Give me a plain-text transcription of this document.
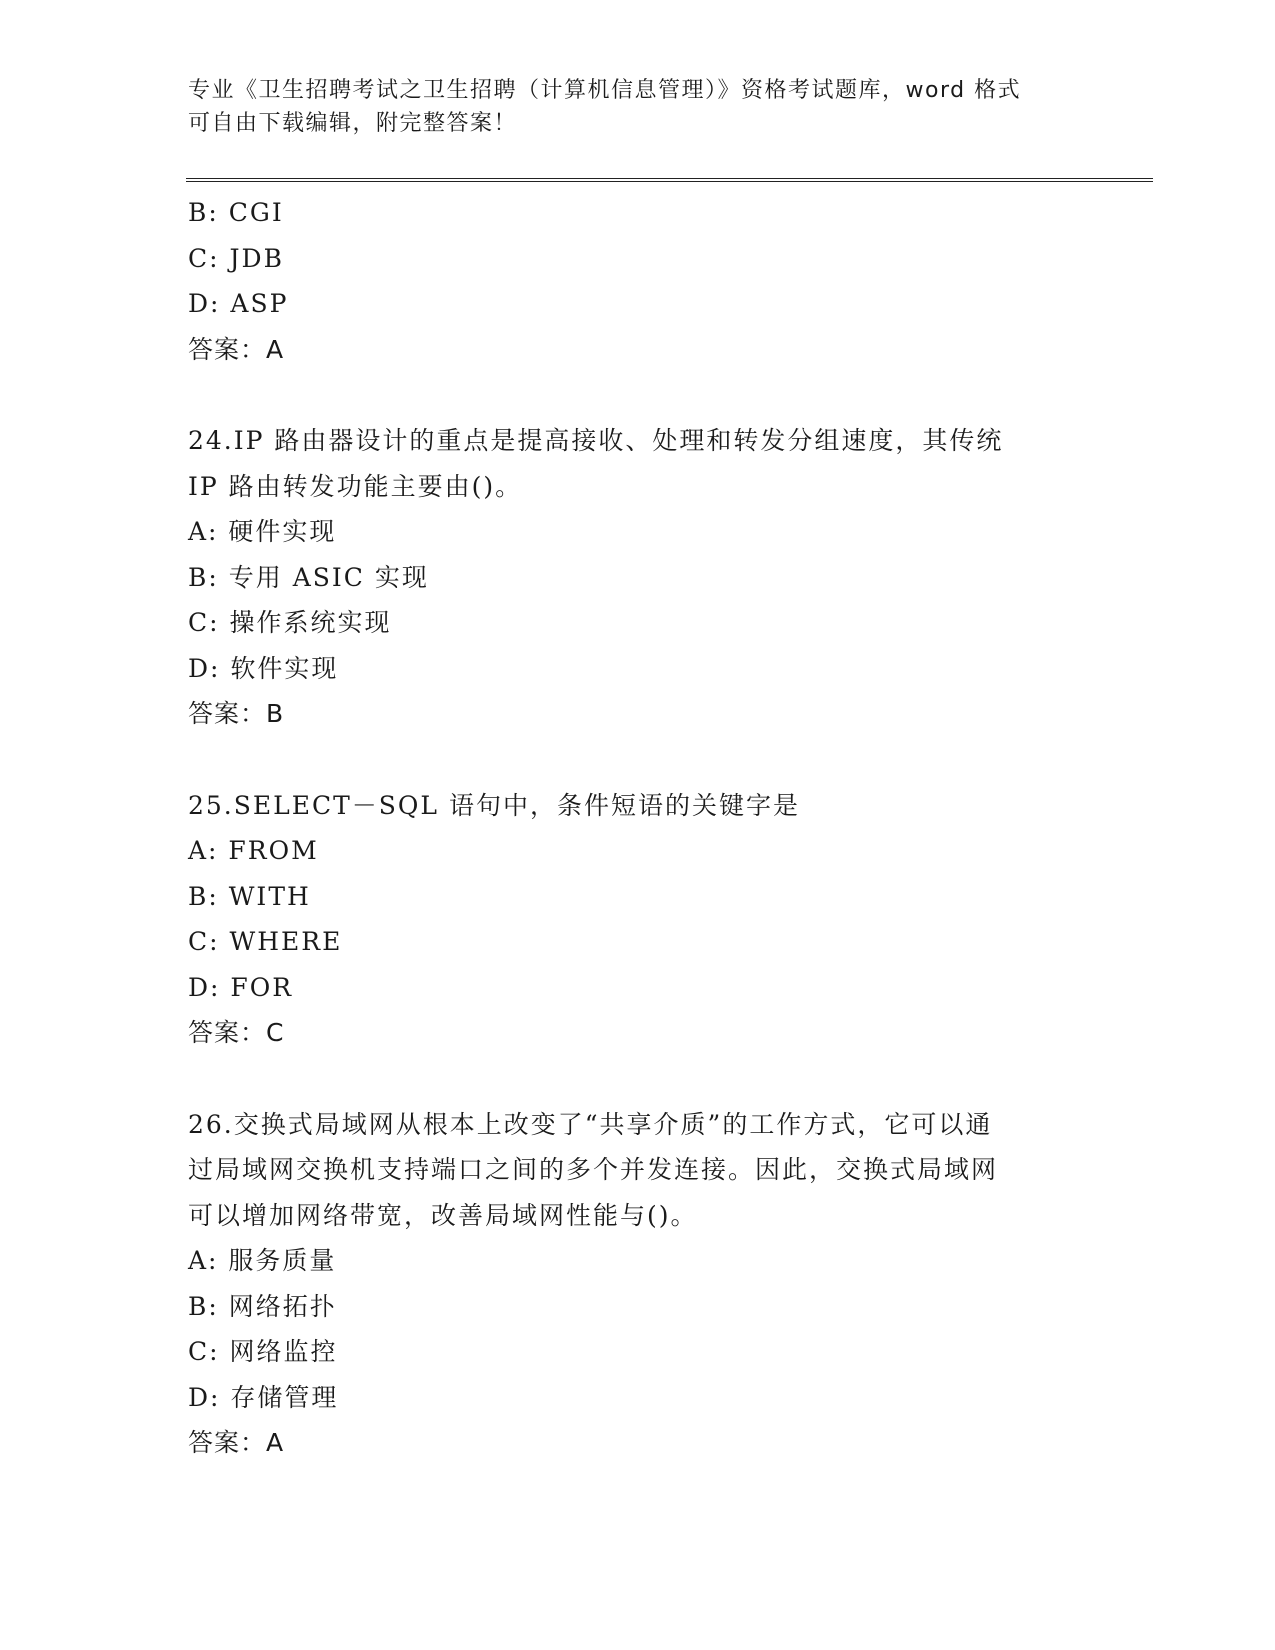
专业《卫生招聘考试之卫生招聘（计算机信息管理）》资格考试题库，word 格式
可自由下载编辑，附完整答案！
B: CGI
C: JDB
D: ASP
答案：A
24.IP 路由器设计的重点是提高接收、处理和转发分组速度，其传统
IP 路由转发功能主要由()。
A: 硬件实现
B: 专用 ASIC 实现
C: 操作系统实现
D: 软件实现
答案：B
25.SELECT－SQL 语句中，条件短语的关键字是
A: FROM
B: WITH
C: WHERE
D: FOR
答案：C
26.交换式局域网从根本上改变了“共享介质”的工作方式，它可以通
过局域网交换机支持端口之间的多个并发连接。因此，交换式局域网
可以增加网络带宽，改善局域网性能与()。
A: 服务质量
B: 网络拓扑
C: 网络监控
D: 存储管理
答案：A
